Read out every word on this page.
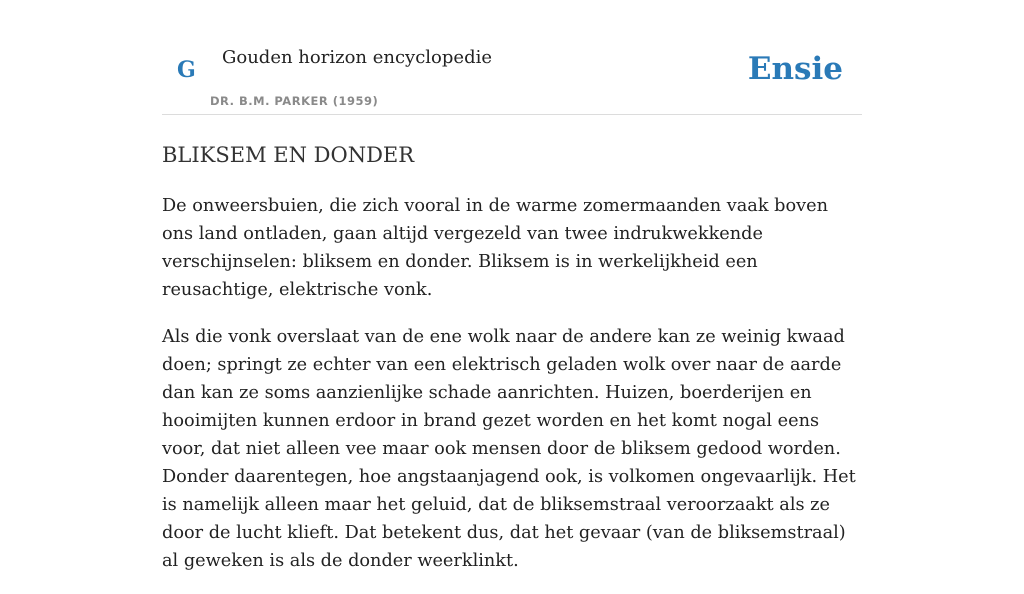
G Gouden horizon encyclopedie
DR. B.M. PARKER (1959)
Ensie
BLIKSEM EN DONDER

De onweersbuien, die zich vooral in de warme zomermaanden vaak boven ons land ontladen, gaan altijd vergezeld van twee indrukwekkende verschijnselen: bliksem en donder. Bliksem is in werkelijkheid een reusachtige, elektrische vonk.

Als die vonk overslaat van de ene wolk naar de andere kan ze weinig kwaad doen; springt ze echter van een elektrisch geladen wolk over naar de aarde dan kan ze soms aanzienlijke schade aanrichten. Huizen, boerderijen en hooimijten kunnen erdoor in brand gezet worden en het komt nogal eens voor, dat niet alleen vee maar ook mensen door de bliksem gedood worden. Donder daarentegen, hoe angstaanjagend ook, is volkomen ongevaarlijk. Het is namelijk alleen maar het geluid, dat de bliksemstraal veroorzaakt als ze door de lucht klieft. Dat betekent dus, dat het gevaar (van de bliksemstraal) al geweken is als de donder weerklinkt.
